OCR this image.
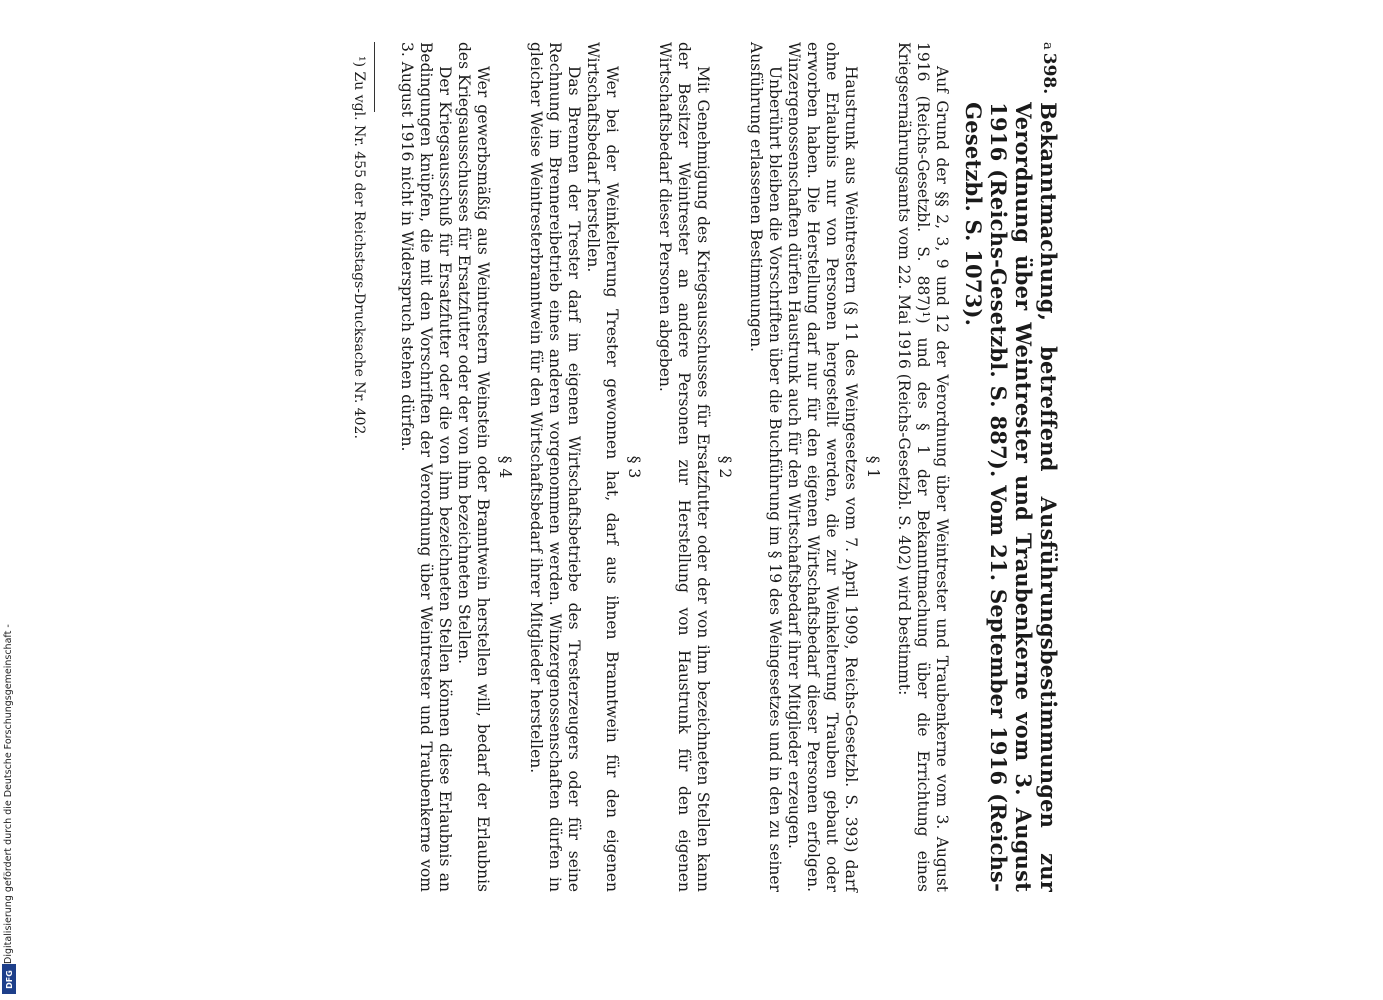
a398.
Bekanntmachung, betreffend Ausführungsbestimmungen zur Verordnung über Weintrester und Traubenkerne vom 3. August 1916 (Reichs-Gesetzbl. S. 887). Vom 21. September 1916 (Reichs-Gesetzbl. S. 1073).

Auf Grund der §§ 2, 3, 9 und 12 der Verordnung über Weintrester und Traubenkerne vom 3. August 1916 (Reichs-Gesetzbl. S. 887)¹) und des § 1 der Bekanntmachung über die Errichtung eines Kriegsernährungsamts vom 22. Mai 1916 (Reichs-Gesetzbl. S. 402) wird bestimmt:

§ 1

Haustrunk aus Weintrestern (§ 11 des Weingesetzes vom 7. April 1909, Reichs-Gesetzbl. S. 393) darf ohne Erlaubnis nur von Personen hergestellt werden, die zur Weinkelterung Trauben gebaut oder erworben haben. Die Herstellung darf nur für den eigenen Wirtschaftsbedarf dieser Personen erfolgen. Winzergenossenschaften dürfen Haustrunk auch für den Wirtschaftsbedarf ihrer Mitglieder erzeugen.

Unberührt bleiben die Vorschriften über die Buchführung im § 19 des Weingesetzes und in den zu seiner Ausführung erlassenen Bestimmungen.

§ 2

Mit Genehmigung des Kriegsausschusses für Ersatzfutter oder der von ihm bezeichneten Stellen kann der Besitzer Weintrester an andere Personen zur Herstellung von Haustrunk für den eigenen Wirtschaftsbedarf dieser Personen abgeben.

§ 3

Wer bei der Weinkelterung Trester gewonnen hat, darf aus ihnen Branntwein für den eigenen Wirtschaftsbedarf herstellen.

Das Brennen der Trester darf im eigenen Wirtschaftsbetriebe des Tresterzeugers oder für seine Rechnung im Brennereibetrieb eines anderen vorgenommen werden. Winzergenossenschaften dürfen in gleicher Weise Weintresterbranntwein für den Wirtschaftsbedarf ihrer Mitglieder herstellen.

§ 4

Wer gewerbsmäßig aus Weintrestern Weinstein oder Branntwein herstellen will, bedarf der Erlaubnis des Kriegsausschusses für Ersatzfutter oder der von ihm bezeichneten Stellen.

Der Kriegsausschuß für Ersatzfutter oder die von ihm bezeichneten Stellen können diese Erlaubnis an Bedingungen knüpfen, die mit den Vorschriften der Verordnung über Weintrester und Traubenkerne vom 3. August 1916 nicht in Widerspruch stehen dürfen.

¹) Zu vgl. Nr. 455 der Reichstags-Drucksache Nr. 402.

Digitalisierung gefördert durch die Deutsche Forschungsgemeinschaft -
DFG
